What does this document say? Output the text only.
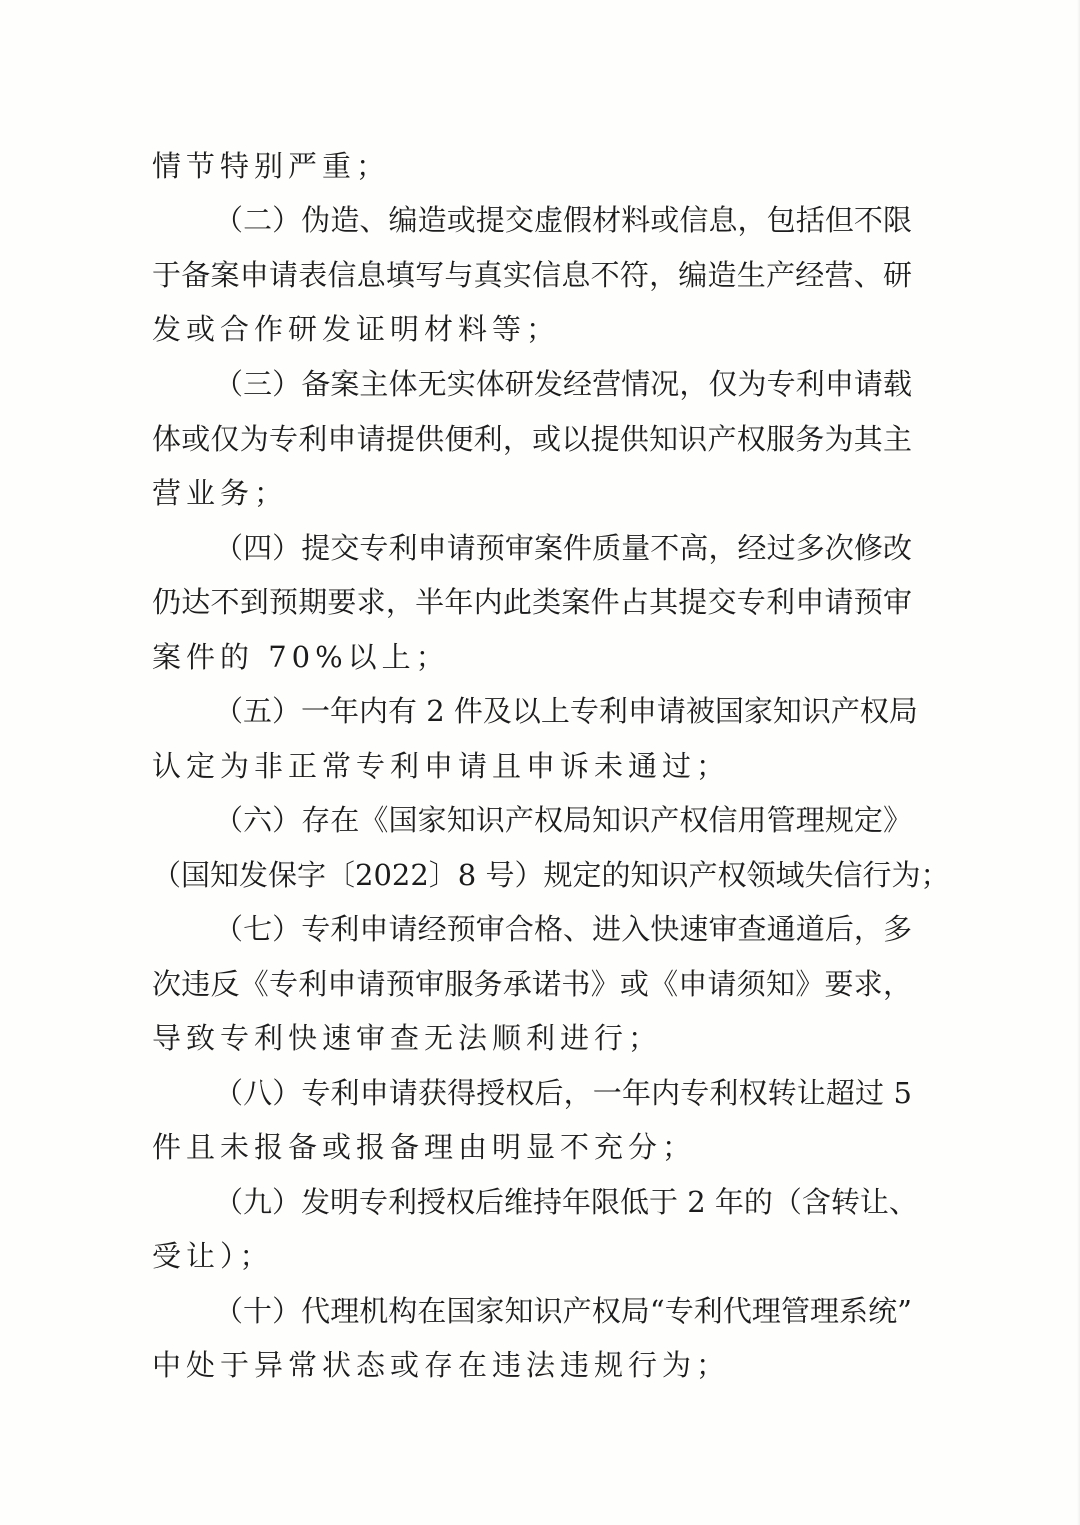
情节特别严重；
（二）伪造、编造或提交虚假材料或信息，包括但不限
于备案申请表信息填写与真实信息不符，编造生产经营、研
发或合作研发证明材料等；
（三）备案主体无实体研发经营情况，仅为专利申请载
体或仅为专利申请提供便利，或以提供知识产权服务为其主
营业务；
（四）提交专利申请预审案件质量不高，经过多次修改
仍达不到预期要求，半年内此类案件占其提交专利申请预审
案件的 70%以上；
（五）一年内有 2 件及以上专利申请被国家知识产权局
认定为非正常专利申请且申诉未通过；
（六）存在《国家知识产权局知识产权信用管理规定》
（国知发保字〔2022〕8 号）规定的知识产权领域失信行为；
（七）专利申请经预审合格、进入快速审查通道后，多
次违反《专利申请预审服务承诺书》或《申请须知》要求，
导致专利快速审查无法顺利进行；
（八）专利申请获得授权后，一年内专利权转让超过 5
件且未报备或报备理由明显不充分；
（九）发明专利授权后维持年限低于 2 年的（含转让、
受让）；
（十）代理机构在国家知识产权局“专利代理管理系统”
中处于异常状态或存在违法违规行为；
